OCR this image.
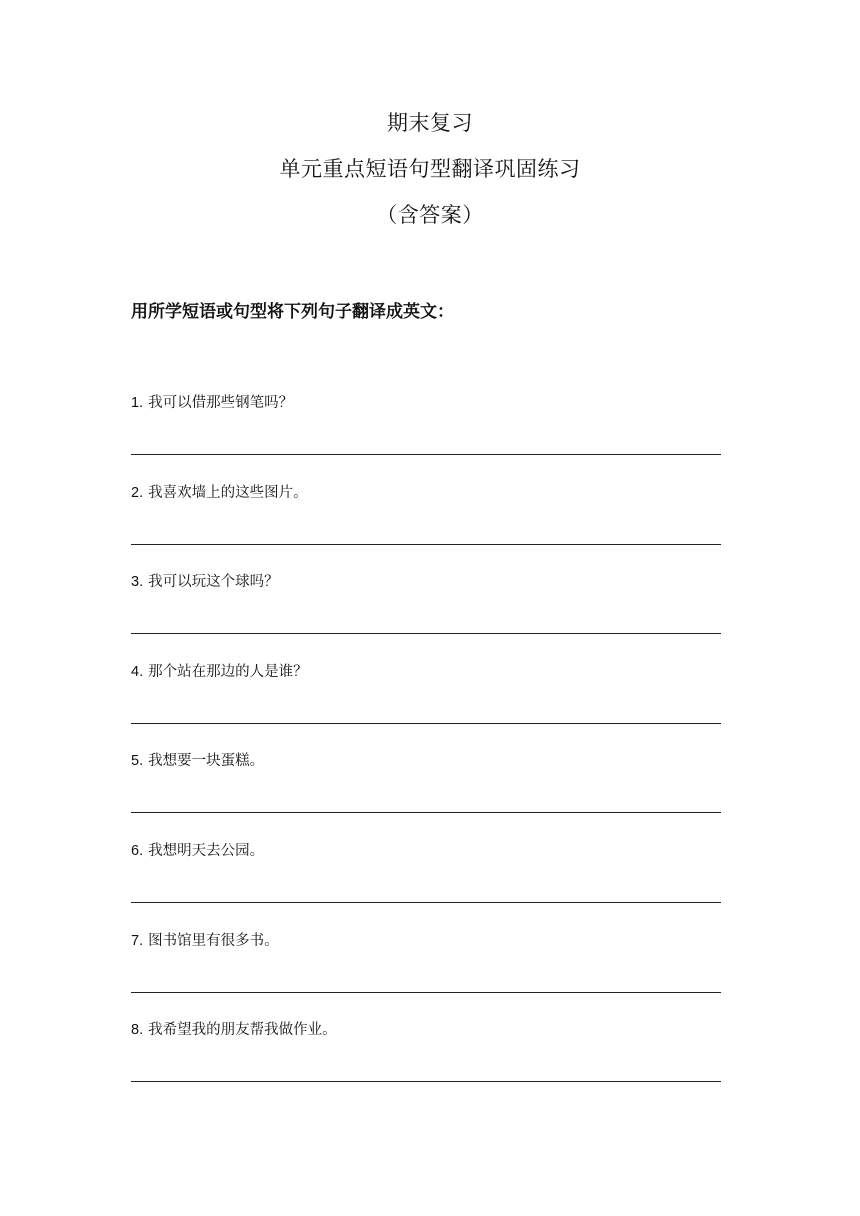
期末复习
单元重点短语句型翻译巩固练习
（含答案）
用所学短语或句型将下列句子翻译成英文：
1. 我可以借那些钢笔吗？
2. 我喜欢墙上的这些图片。
3. 我可以玩这个球吗？
4. 那个站在那边的人是谁？
5. 我想要一块蛋糕。
6. 我想明天去公园。
7. 图书馆里有很多书。
8. 我希望我的朋友帮我做作业。
